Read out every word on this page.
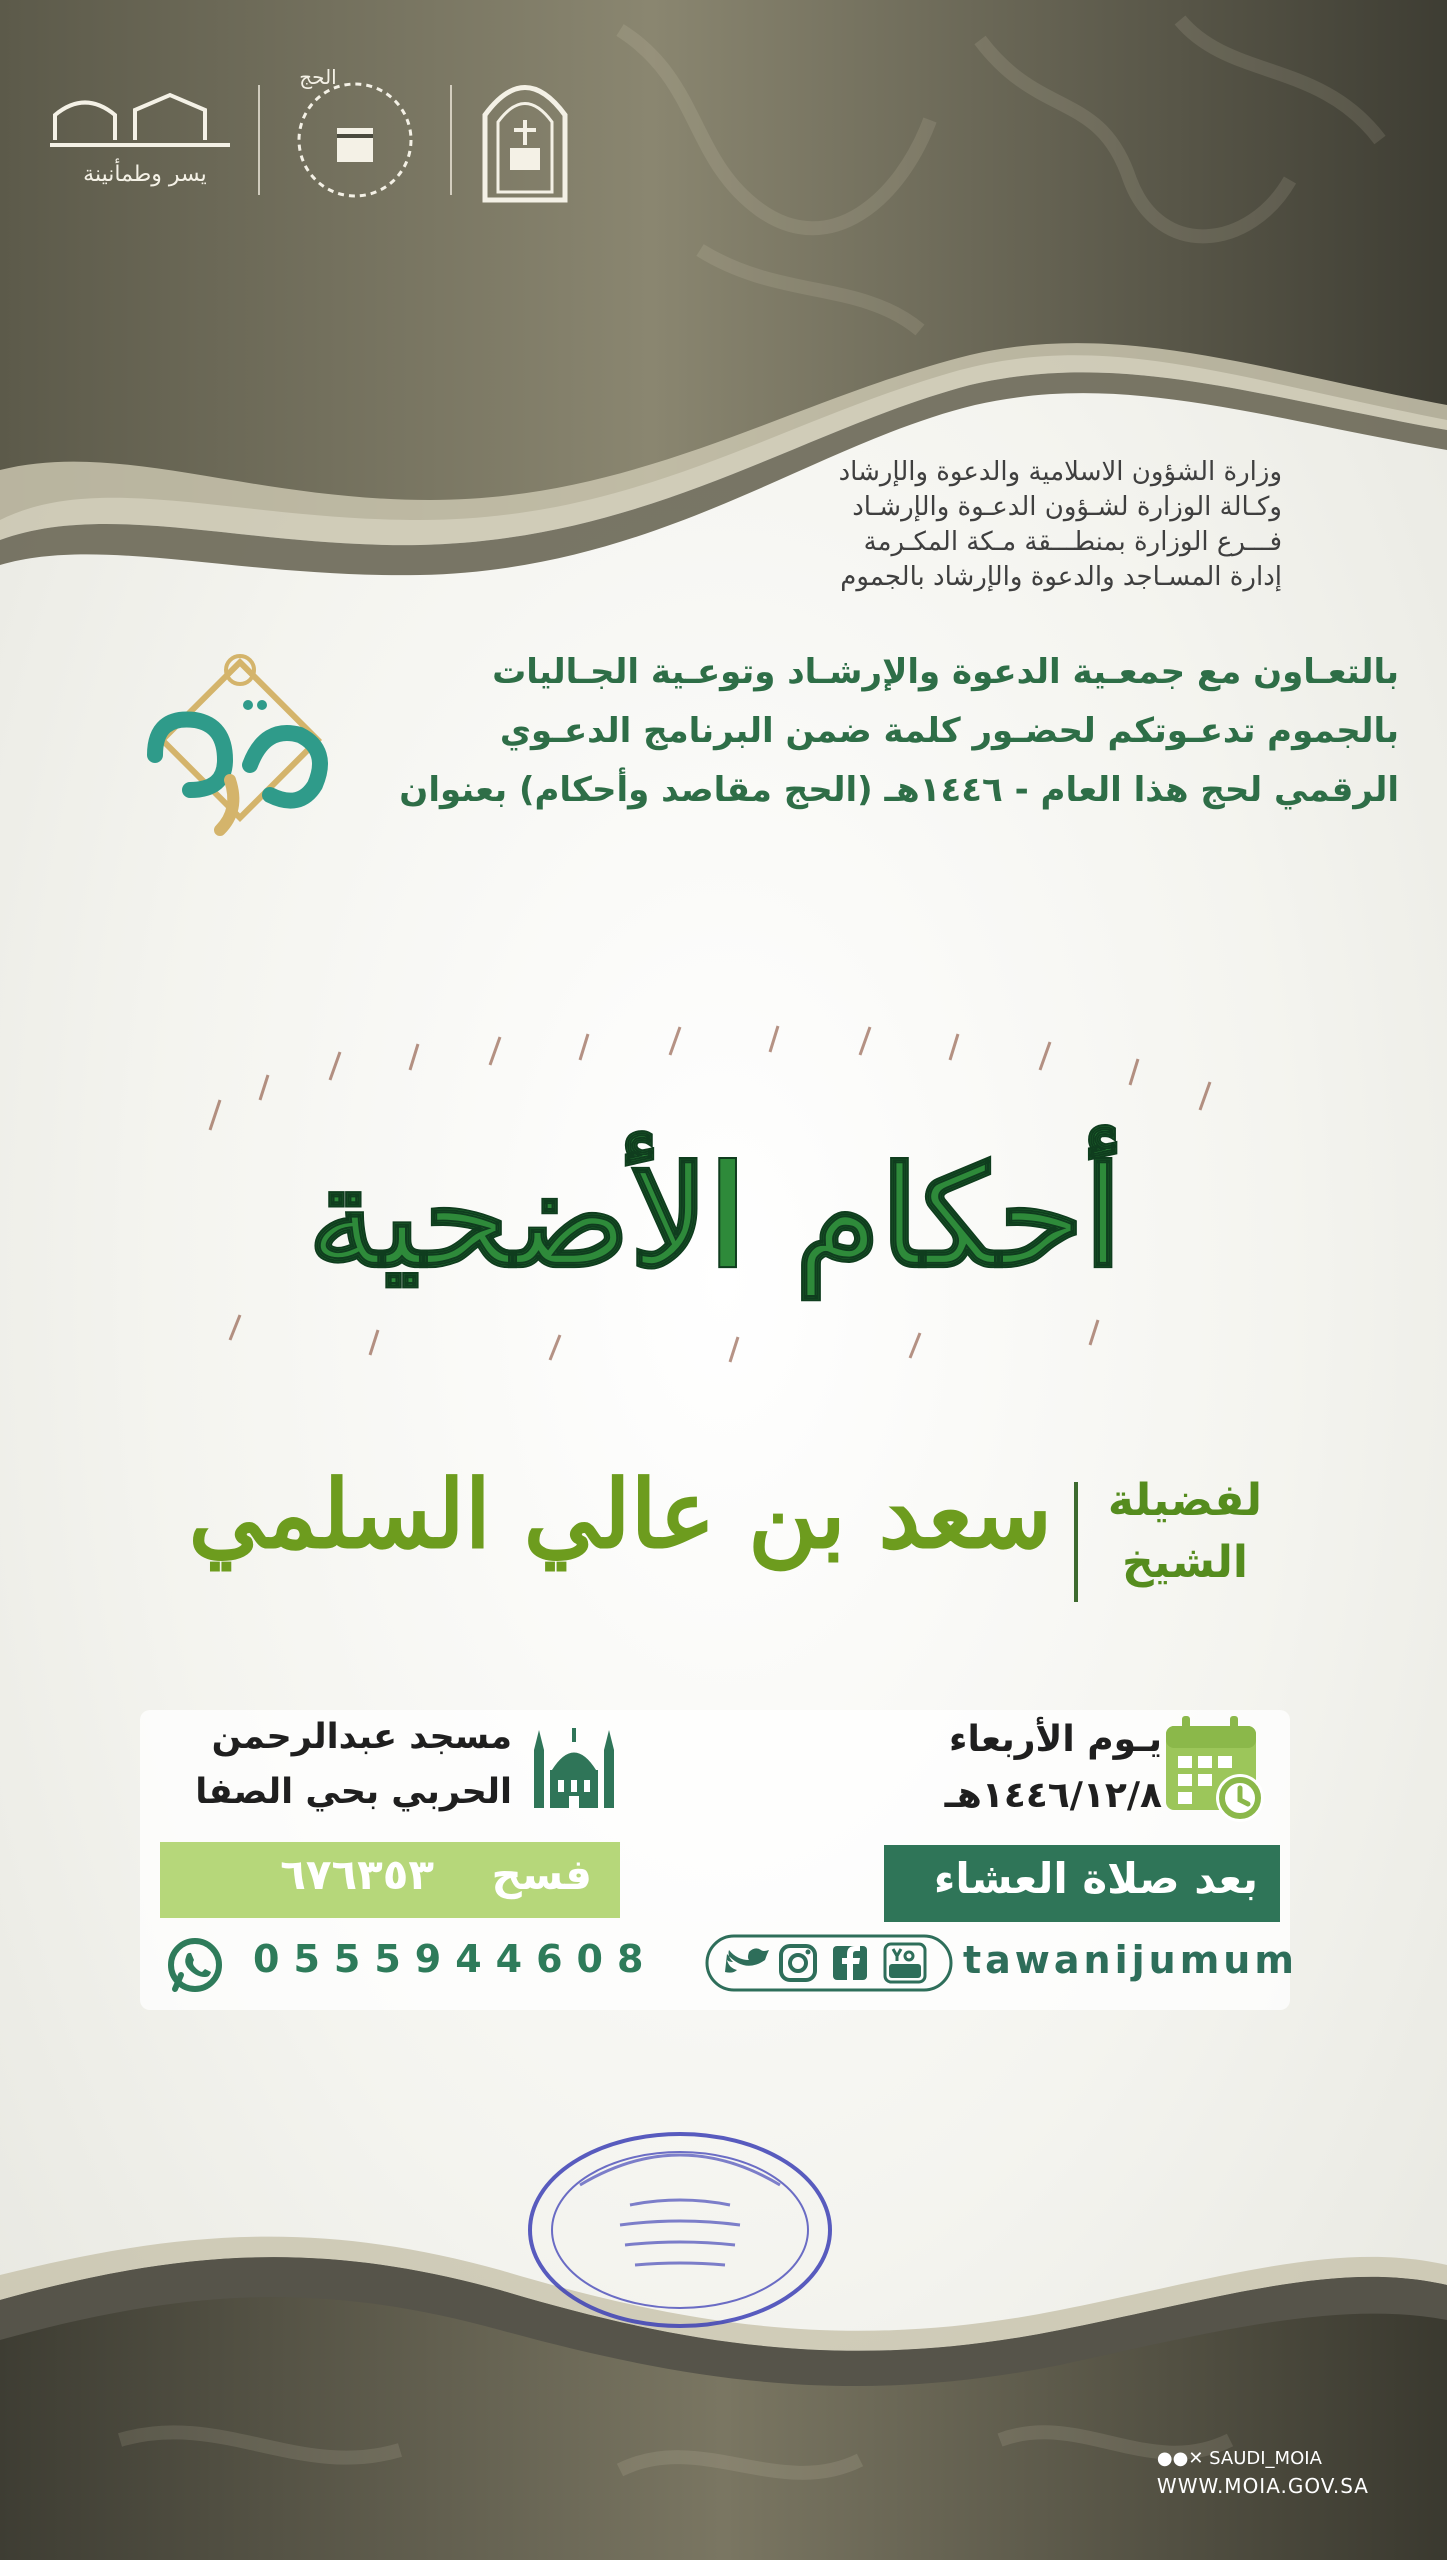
يسر وطمأنينة
الحج
وزارة الشؤون الاسلامية والدعوة والإرشاد
وكـالة الوزارة لشـؤون الدعـوة والإرشـاد
فـــرع الوزارة بمنطـــقة مـكة المكـرمة
إدارة المسـاجد والدعوة والإرشاد بالجموم
بالتعـاون مع جمعـية الدعوة والإرشـاد وتوعـية الجـاليات
بالجموم تدعـوتكم لحضـور كلمة ضمن البرنامج الدعـوي
الرقمي لحج هذا العام - ١٤٤٦هـ (الحج مقاصد وأحكام) بعنوان
أحكام الأضحية
لفضيلة
الشيخ
سعد بن عالي السلمي
مسجد عبدالرحمن
الحربي بحي الصفا
فسح
٦٧٦٣٥٣
0555944608
يـوم الأربعاء
١٤٤٦/١٢/٨هـ
بعد صلاة العشاء
tawanijumum
●●✕ SAUDI_MOIA
WWW.MOIA.GOV.SA
